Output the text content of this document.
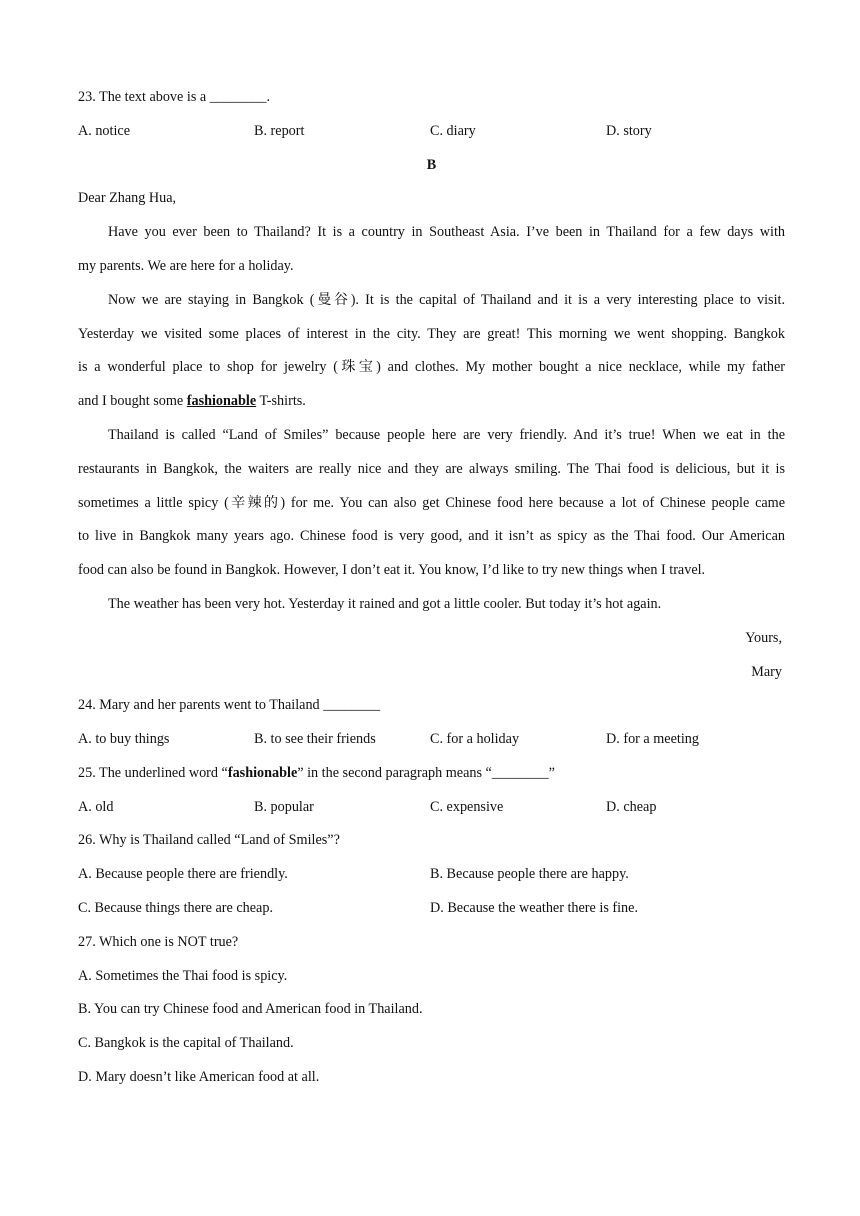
23. The text above is a ________.
A. notice	B. report	C. diary	D. story
B
Dear Zhang Hua,
Have you ever been to Thailand? It is a country in Southeast Asia. I’ve been in Thailand for a few days with
my parents. We are here for a holiday.
Now we are staying in Bangkok (曼谷). It is the capital of Thailand and it is a very interesting place to visit.
Yesterday we visited some places of interest in the city. They are great! This morning we went shopping. Bangkok
is a wonderful place to shop for jewelry (珠宝) and clothes. My mother bought a nice necklace, while my father
and I bought some fashionable T-shirts.
Thailand is called “Land of Smiles” because people here are very friendly. And it’s true! When we eat in the
restaurants in Bangkok, the waiters are really nice and they are always smiling. The Thai food is delicious, but it is
sometimes a little spicy (辛辣的) for me. You can also get Chinese food here because a lot of Chinese people came
to live in Bangkok many years ago. Chinese food is very good, and it isn’t as spicy as the Thai food. Our American
food can also be found in Bangkok. However, I don’t eat it. You know, I’d like to try new things when I travel.
The weather has been very hot. Yesterday it rained and got a little cooler. But today it’s hot again.
Yours,
Mary
24. Mary and her parents went to Thailand ________
A. to buy things	B. to see their friends	C. for a holiday	D. for a meeting
25. The underlined word “fashionable” in the second paragraph means “________”
A. old	B. popular	C. expensive	D. cheap
26. Why is Thailand called “Land of Smiles”?
A. Because people there are friendly.	B. Because people there are happy.
C. Because things there are cheap.	D. Because the weather there is fine.
27. Which one is NOT true?
A. Sometimes the Thai food is spicy.
B. You can try Chinese food and American food in Thailand.
C. Bangkok is the capital of Thailand.
D. Mary doesn’t like American food at all.
